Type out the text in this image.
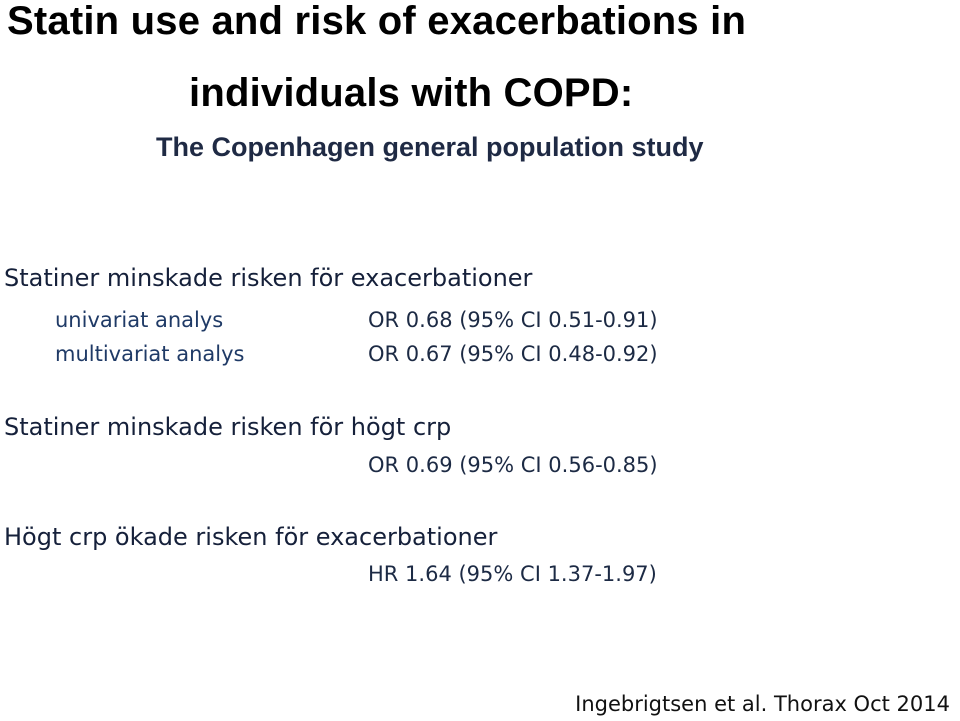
Statin use and risk of exacerbations in
individuals with COPD:
The Copenhagen general population study
Statiner minskade risken för exacerbationer
univariat analys	OR 0.68 (95% CI 0.51-0.91)
multivariat analys	OR 0.67 (95% CI 0.48-0.92)
Statiner minskade risken för högt crp
OR 0.69 (95% CI 0.56-0.85)
Högt crp ökade risken för exacerbationer
HR 1.64 (95% CI 1.37-1.97)
Ingebrigtsen et al. Thorax Oct 2014
